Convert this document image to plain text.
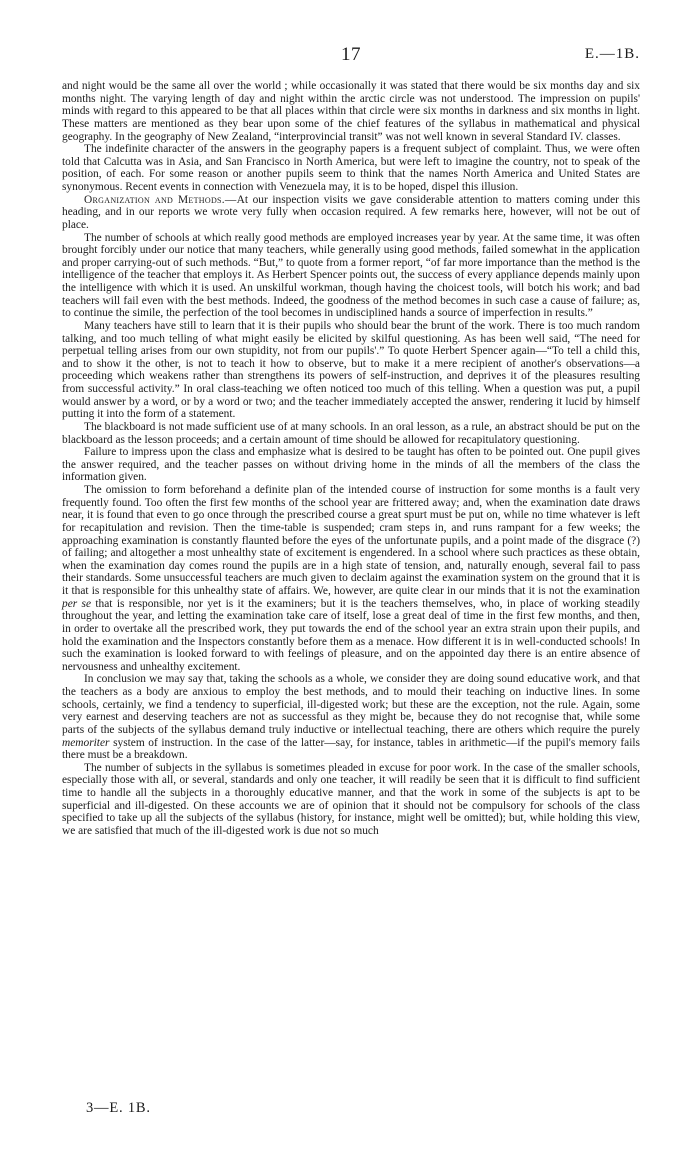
17	E.—1B.

and night would be the same all over the world ; while occasionally it was stated that there would be six months day and six months night. The varying length of day and night within the arctic circle was not understood. The impression on pupils' minds with regard to this appeared to be that all places within that circle were six months in darkness and six months in light. These matters are mentioned as they bear upon some of the chief features of the syllabus in mathematical and physical geography. In the geography of New Zealand, “interprovincial transit” was not well known in several Standard IV. classes.

The indefinite character of the answers in the geography papers is a frequent subject of complaint. Thus, we were often told that Calcutta was in Asia, and San Francisco in North America, but were left to imagine the country, not to speak of the position, of each. For some reason or another pupils seem to think that the names North America and United States are synonymous. Recent events in connection with Venezuela may, it is to be hoped, dispel this illusion.

Organization and Methods.—At our inspection visits we gave considerable attention to matters coming under this heading, and in our reports we wrote very fully when occasion required. A few remarks here, however, will not be out of place.

The number of schools at which really good methods are employed increases year by year. At the same time, it was often brought forcibly under our notice that many teachers, while generally using good methods, failed somewhat in the application and proper carrying-out of such methods. “But,” to quote from a former report, “of far more importance than the method is the intelligence of the teacher that employs it. As Herbert Spencer points out, the success of every appliance depends mainly upon the intelligence with which it is used. An unskilful workman, though having the choicest tools, will botch his work; and bad teachers will fail even with the best methods. Indeed, the goodness of the method becomes in such case a cause of failure; as, to continue the simile, the perfection of the tool becomes in undisciplined hands a source of imperfection in results.”

Many teachers have still to learn that it is their pupils who should bear the brunt of the work. There is too much random talking, and too much telling of what might easily be elicited by skilful questioning. As has been well said, “The need for perpetual telling arises from our own stupidity, not from our pupils'.” To quote Herbert Spencer again—“To tell a child this, and to show it the other, is not to teach it how to observe, but to make it a mere recipient of another's observations—a proceeding which weakens rather than strengthens its powers of self-instruction, and deprives it of the pleasures resulting from successful activity.” In oral class-teaching we often noticed too much of this telling. When a question was put, a pupil would answer by a word, or by a word or two; and the teacher immediately accepted the answer, rendering it lucid by himself putting it into the form of a statement.

The blackboard is not made sufficient use of at many schools. In an oral lesson, as a rule, an abstract should be put on the blackboard as the lesson proceeds; and a certain amount of time should be allowed for recapitulatory questioning.

Failure to impress upon the class and emphasize what is desired to be taught has often to be pointed out. One pupil gives the answer required, and the teacher passes on without driving home in the minds of all the members of the class the information given.

The omission to form beforehand a definite plan of the intended course of instruction for some months is a fault very frequently found. Too often the first few months of the school year are frittered away; and, when the examination date draws near, it is found that even to go once through the prescribed course a great spurt must be put on, while no time whatever is left for recapitulation and revision. Then the time-table is suspended; cram steps in, and runs rampant for a few weeks; the approaching examination is constantly flaunted before the eyes of the unfortunate pupils, and a point made of the disgrace (?) of failing; and altogether a most unhealthy state of excitement is engendered. In a school where such practices as these obtain, when the examination day comes round the pupils are in a high state of tension, and, naturally enough, several fail to pass their standards. Some unsuccessful teachers are much given to declaim against the examination system on the ground that it is it that is responsible for this unhealthy state of affairs. We, however, are quite clear in our minds that it is not the examination per se that is responsible, nor yet is it the examiners; but it is the teachers themselves, who, in place of working steadily throughout the year, and letting the examination take care of itself, lose a great deal of time in the first few months, and then, in order to overtake all the prescribed work, they put towards the end of the school year an extra strain upon their pupils, and hold the examination and the Inspectors constantly before them as a menace. How different it is in well-conducted schools! In such the examination is looked forward to with feelings of pleasure, and on the appointed day there is an entire absence of nervousness and unhealthy excitement.

In conclusion we may say that, taking the schools as a whole, we consider they are doing sound educative work, and that the teachers as a body are anxious to employ the best methods, and to mould their teaching on inductive lines. In some schools, certainly, we find a tendency to superficial, ill-digested work; but these are the exception, not the rule. Again, some very earnest and deserving teachers are not as successful as they might be, because they do not recognise that, while some parts of the subjects of the syllabus demand truly inductive or intellectual teaching, there are others which require the purely memoriter system of instruction. In the case of the latter—say, for instance, tables in arithmetic—if the pupil's memory fails there must be a breakdown.

The number of subjects in the syllabus is sometimes pleaded in excuse for poor work. In the case of the smaller schools, especially those with all, or several, standards and only one teacher, it will readily be seen that it is difficult to find sufficient time to handle all the subjects in a thoroughly educative manner, and that the work in some of the subjects is apt to be superficial and ill-digested. On these accounts we are of opinion that it should not be compulsory for schools of the class specified to take up all the subjects of the syllabus (history, for instance, might well be omitted); but, while holding this view, we are satisfied that much of the ill-digested work is due not so much

3—E. 1B.
